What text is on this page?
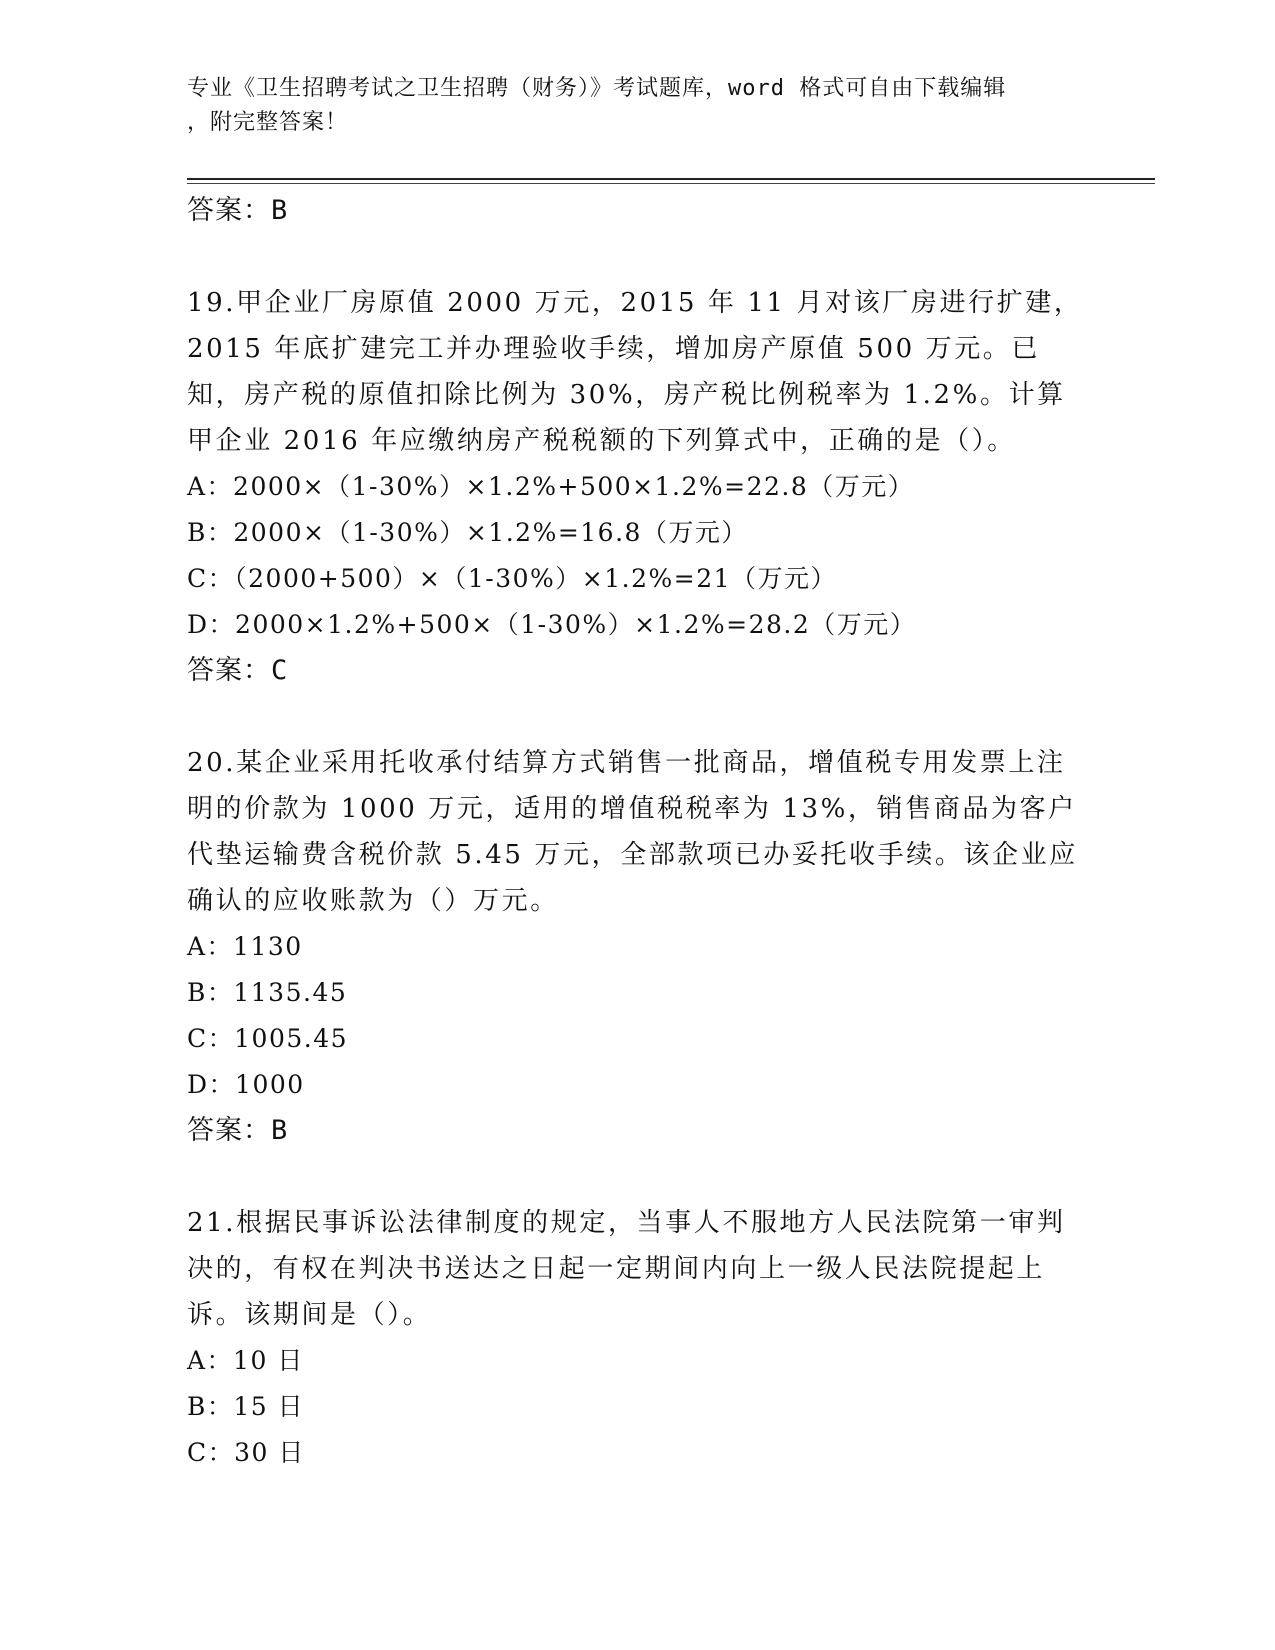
专业《卫生招聘考试之卫生招聘（财务）》考试题库，word 格式可自由下载编辑

，附完整答案！
答案：B
19.甲企业厂房原值 2000 万元，2015 年 11 月对该厂房进行扩建，2015 年底扩建完工并办理验收手续，增加房产原值 500 万元。已知，房产税的原值扣除比例为 30%，房产税比例税率为 1.2%。计算甲企业 2016 年应缴纳房产税税额的下列算式中，正确的是（）。
A：2000×（1-30%）×1.2%+500×1.2%=22.8（万元）
B：2000×（1-30%）×1.2%=16.8（万元）
C：（2000+500）×（1-30%）×1.2%=21（万元）
D：2000×1.2%+500×（1-30%）×1.2%=28.2（万元）
答案：C
20.某企业采用托收承付结算方式销售一批商品，增值税专用发票上注明的价款为 1000 万元，适用的增值税税率为 13%，销售商品为客户代垫运输费含税价款 5.45 万元，全部款项已办妥托收手续。该企业应确认的应收账款为（）万元。
A：1130
B：1135.45
C：1005.45
D：1000
答案：B
21.根据民事诉讼法律制度的规定，当事人不服地方人民法院第一审判决的，有权在判决书送达之日起一定期间内向上一级人民法院提起上诉。该期间是（）。
A：10 日
B：15 日
C：30 日
